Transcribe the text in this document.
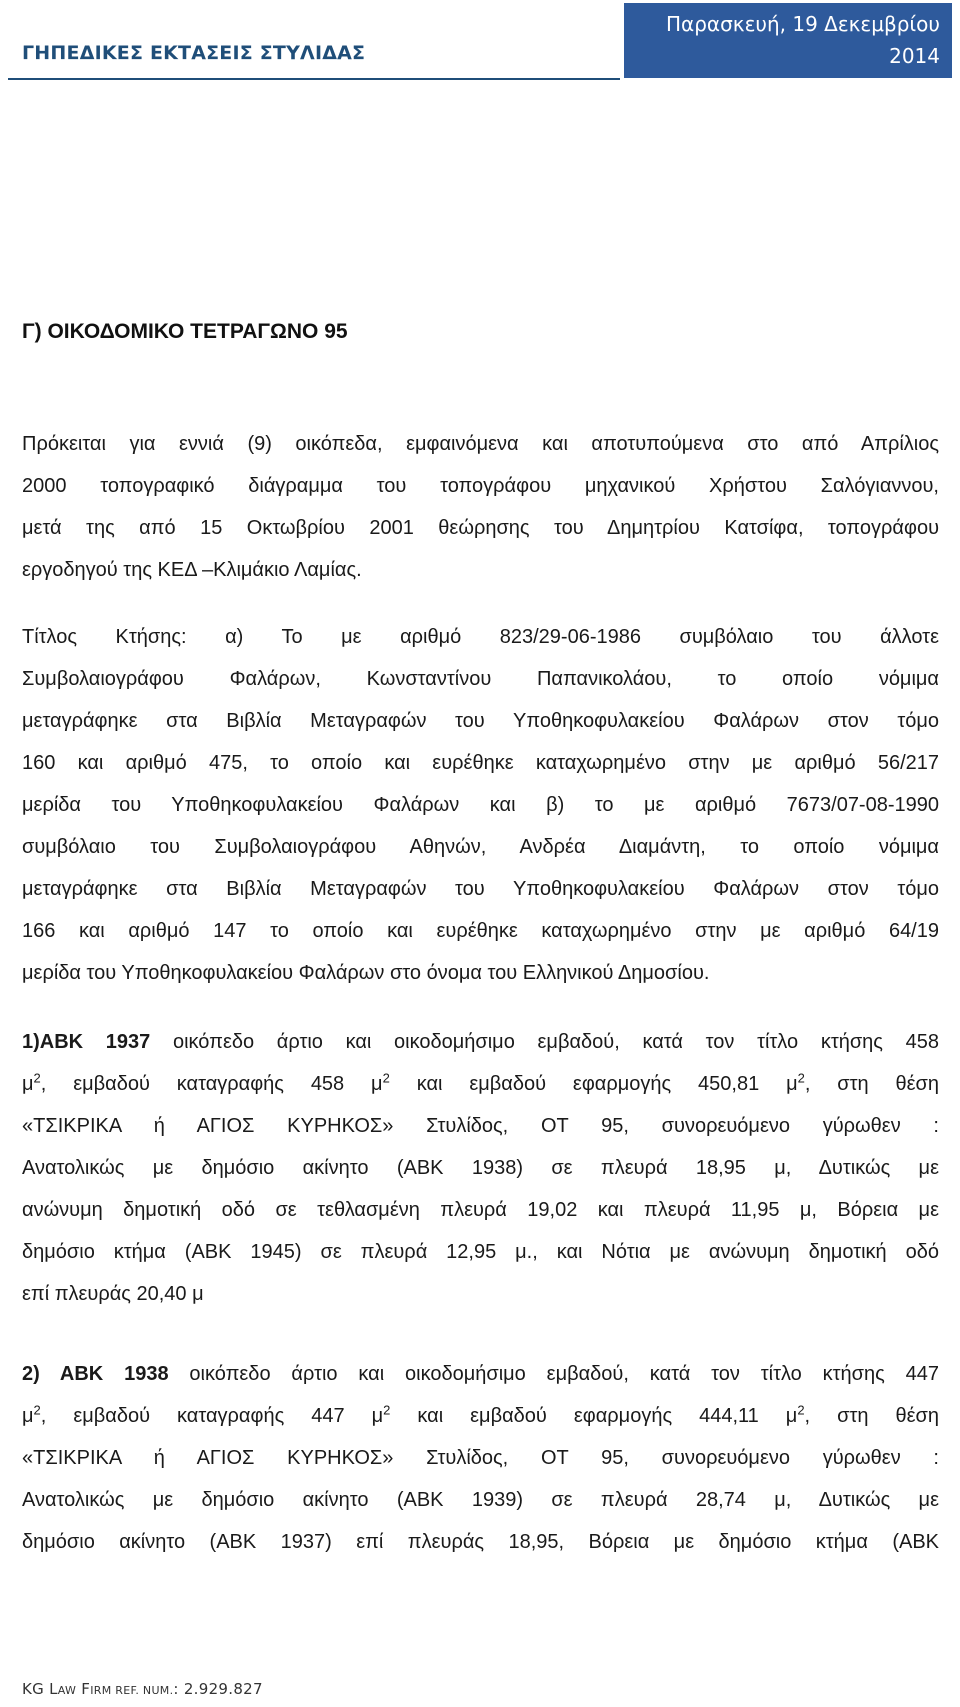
ΓΗΠΕΔΙΚΕΣ ΕΚΤΑΣΕΙΣ ΣΤΥΛΙΔΑΣ
Παρασκευή, 19 Δεκεμβρίου
2014
Γ) ΟΙΚΟΔΟΜΙΚΟ ΤΕΤΡΑΓΩΝΟ 95
Πρόκειται για εννιά (9) οικόπεδα, εμφαινόμενα και αποτυπούμενα στο από Απρίλιος
2000 τοπογραφικό διάγραμμα του τοπογράφου μηχανικού Χρήστου Σαλόγιαννου,
μετά της από 15 Οκτωβρίου 2001 θεώρησης του Δημητρίου Κατσίφα, τοπογράφου
εργοδηγού της ΚΕΔ –Κλιμάκιο Λαμίας.
Τίτλος Κτήσης: α) Το με αριθμό 823/29-06-1986 συμβόλαιο του άλλοτε
Συμβολαιογράφου Φαλάρων, Κωνσταντίνου Παπανικολάου, το οποίο νόμιμα
μεταγράφηκε στα Βιβλία Μεταγραφών του Υποθηκοφυλακείου Φαλάρων στον τόμο
160 και αριθμό 475, το οποίο και ευρέθηκε καταχωρημένο στην με αριθμό 56/217
μερίδα του Υποθηκοφυλακείου Φαλάρων και β) το με αριθμό 7673/07-08-1990
συμβόλαιο του Συμβολαιογράφου Αθηνών, Ανδρέα Διαμάντη, το οποίο νόμιμα
μεταγράφηκε στα Βιβλία Μεταγραφών του Υποθηκοφυλακείου Φαλάρων στον τόμο
166 και αριθμό 147 το οποίο και ευρέθηκε καταχωρημένο στην με αριθμό 64/19
μερίδα του Υποθηκοφυλακείου Φαλάρων στο όνομα του Ελληνικού Δημοσίου.
1)ΑΒΚ 1937 οικόπεδο άρτιο και οικοδομήσιμο εμβαδού, κατά τον τίτλο κτήσης 458
$\mu^2$, εμβαδού καταγραφής 458 $\mu^2$ και εμβαδού εφαρμογής 450,81 $\mu^2$, στη θέση
«ΤΣΙΚΡΙΚΑ ή ΑΓΙΟΣ ΚΥΡΗΚΟΣ» Στυλίδος, ΟΤ 95, συνορευόμενο γύρωθεν :
Ανατολικώς με δημόσιο ακίνητο (ΑΒΚ 1938) σε πλευρά 18,95 μ, Δυτικώς με
ανώνυμη δημοτική οδό σε τεθλασμένη πλευρά 19,02 και πλευρά 11,95 μ, Βόρεια με
δημόσιο κτήμα (ΑΒΚ 1945) σε πλευρά 12,95 μ., και Νότια με ανώνυμη δημοτική οδό
επί πλευράς 20,40 μ
2) ΑΒΚ 1938 οικόπεδο άρτιο και οικοδομήσιμο εμβαδού, κατά τον τίτλο κτήσης 447
$\mu^2$, εμβαδού καταγραφής 447 $\mu^2$ και εμβαδού εφαρμογής 444,11 $\mu^2$, στη θέση
«ΤΣΙΚΡΙΚΑ ή ΑΓΙΟΣ ΚΥΡΗΚΟΣ» Στυλίδος, ΟΤ 95, συνορευόμενο γύρωθεν :
Ανατολικώς με δημόσιο ακίνητο (ΑΒΚ 1939) σε πλευρά 28,74 μ, Δυτικώς με
δημόσιο ακίνητο (ΑΒΚ 1937) επί πλευράς 18,95, Βόρεια με δημόσιο κτήμα (ΑΒΚ
KG LAW FIRM REF. NUM.: 2.929.827
